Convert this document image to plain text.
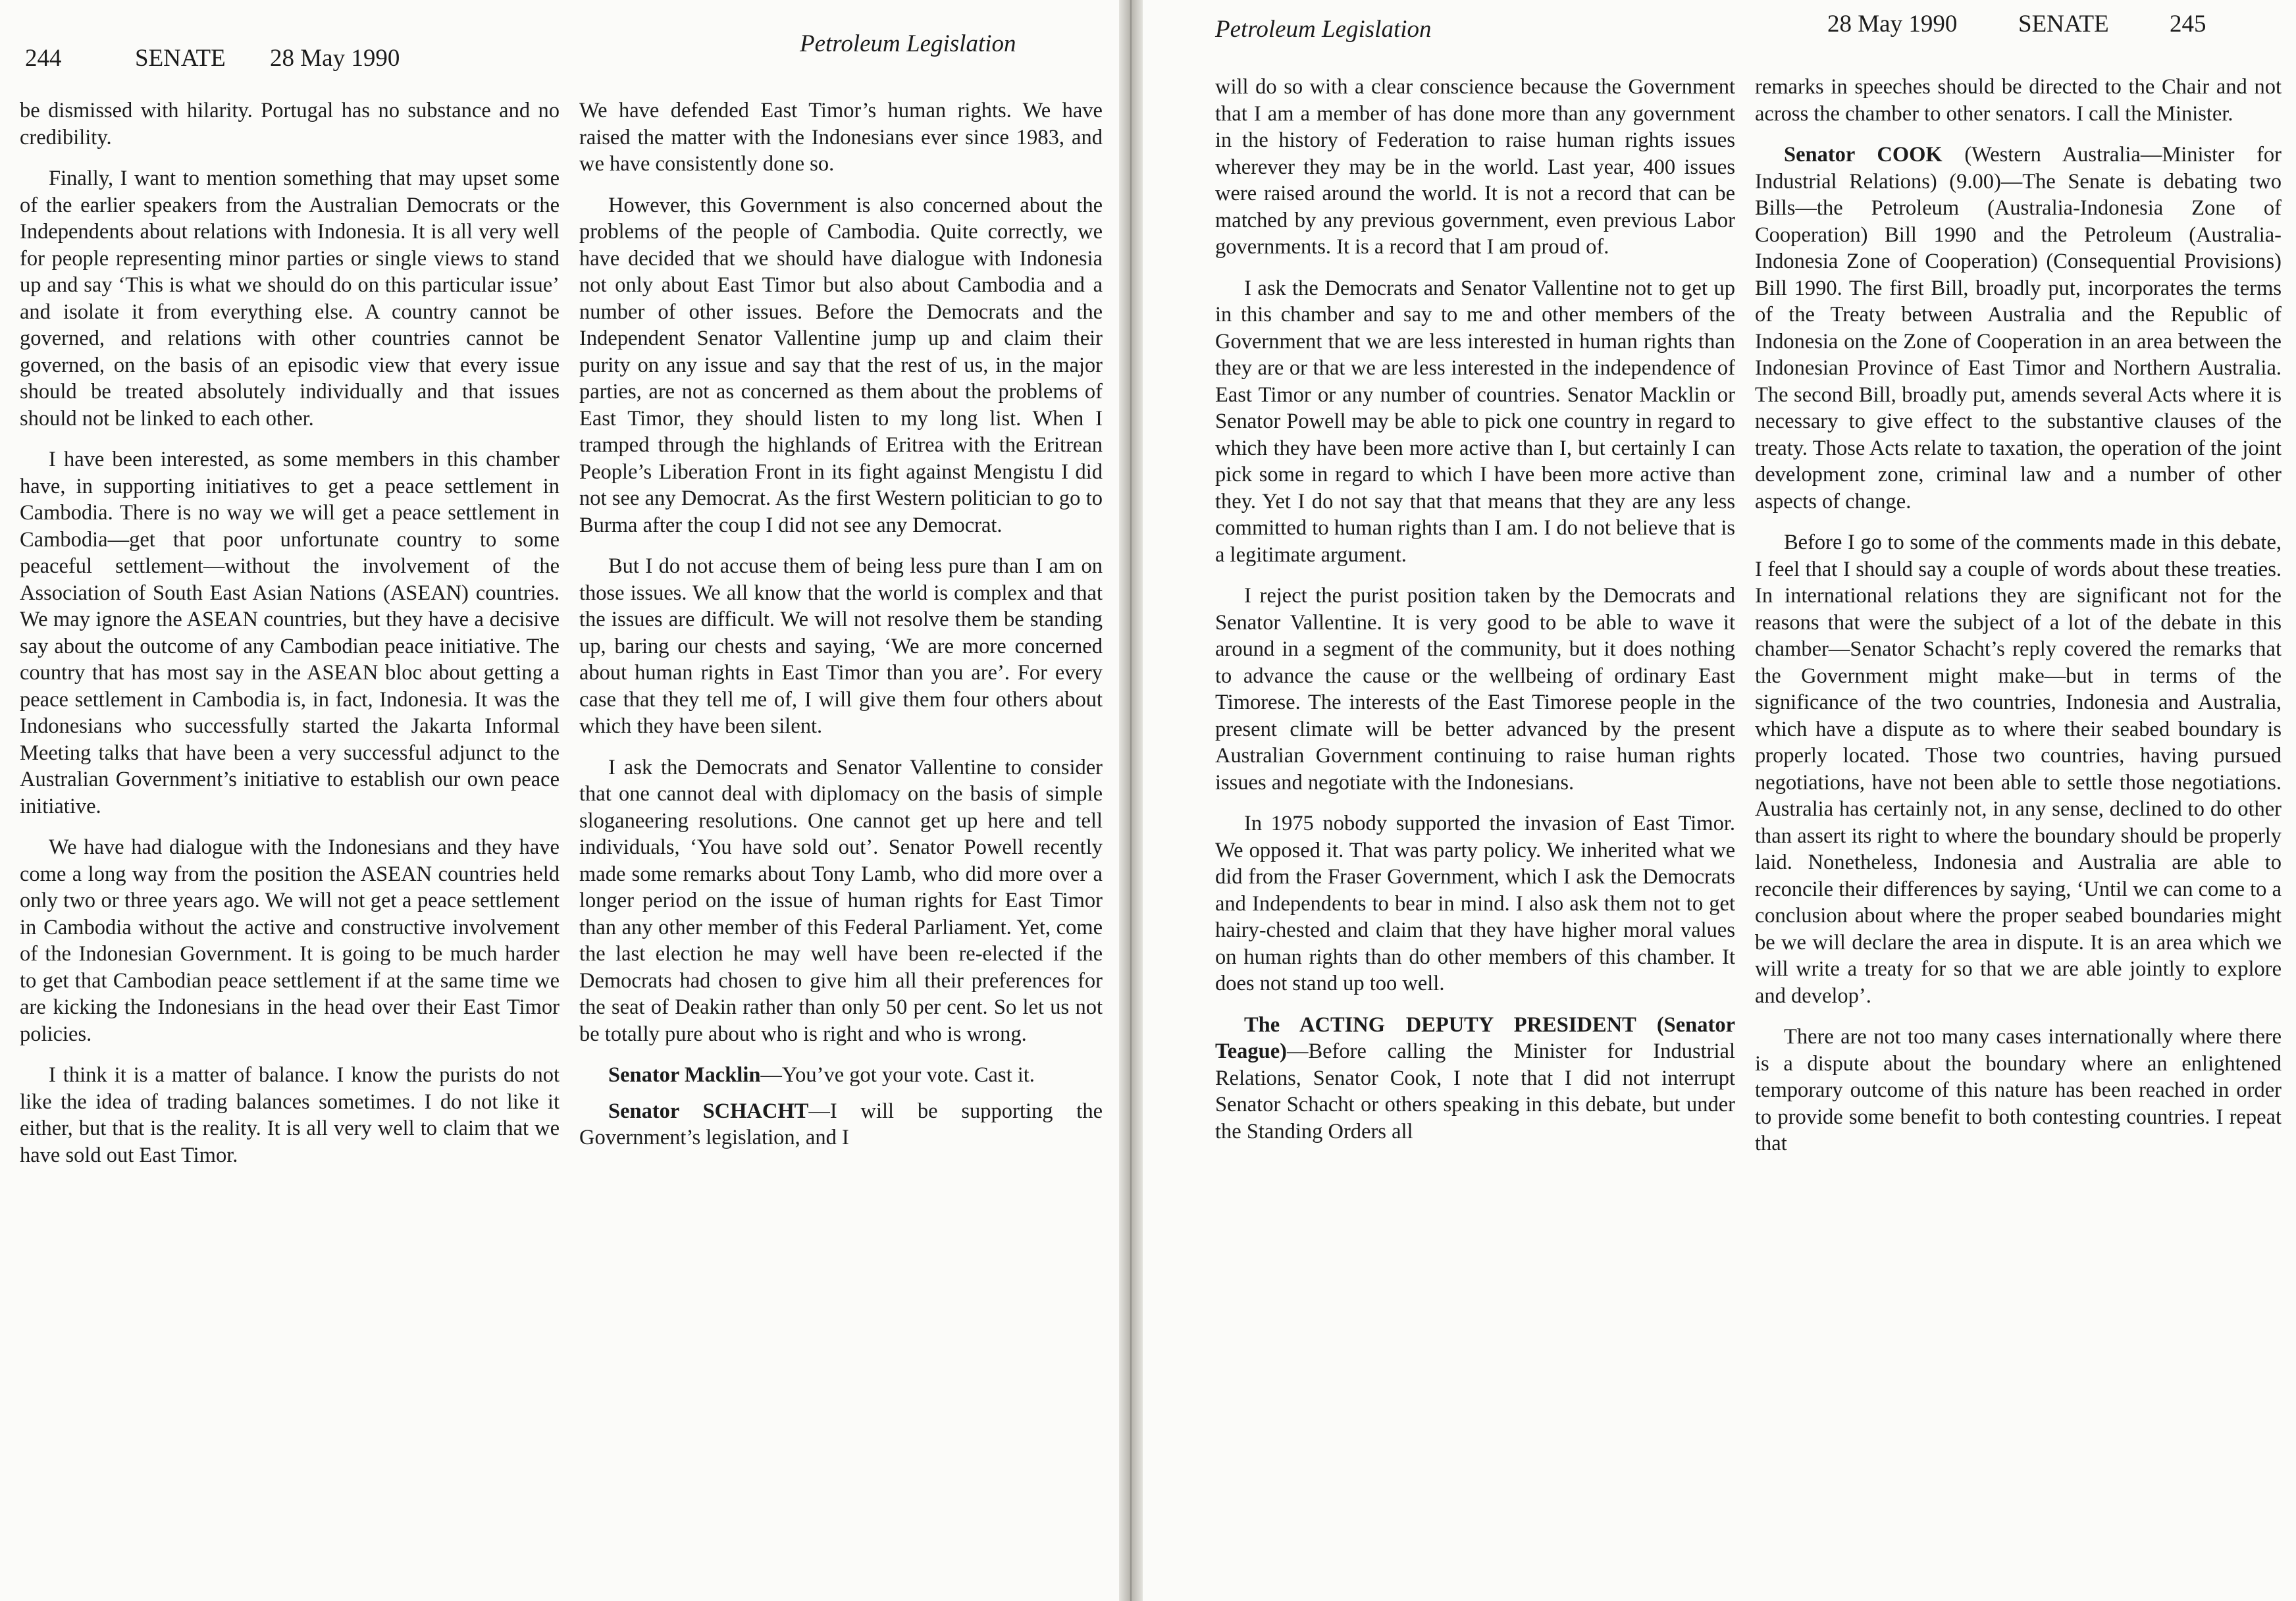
244	SENATE 28 May 1990
Petroleum Legislation

be dismissed with hilarity. Portugal has no substance and no credibility.

Finally, I want to mention something that may upset some of the earlier speakers from the Australian Democrats or the Independents about relations with Indonesia. It is all very well for people representing minor parties or single views to stand up and say ‘This is what we should do on this particular issue’ and isolate it from everything else. A country cannot be governed, and relations with other countries cannot be governed, on the basis of an episodic view that every issue should be treated absolutely individually and that issues should not be linked to each other.

I have been interested, as some members in this chamber have, in supporting initiatives to get a peace settlement in Cambodia. There is no way we will get a peace settlement in Cambodia—get that poor unfortunate country to some peaceful settlement—without the involvement of the Association of South East Asian Nations (ASEAN) countries. We may ignore the ASEAN countries, but they have a decisive say about the outcome of any Cambodian peace initiative. The country that has most say in the ASEAN bloc about getting a peace settlement in Cambodia is, in fact, Indonesia. It was the Indonesians who successfully started the Jakarta Informal Meeting talks that have been a very successful adjunct to the Australian Government’s initiative to establish our own peace initiative.

We have had dialogue with the Indonesians and they have come a long way from the position the ASEAN countries held only two or three years ago. We will not get a peace settlement in Cambodia without the active and constructive involvement of the Indonesian Government. It is going to be much harder to get that Cambodian peace settlement if at the same time we are kicking the Indonesians in the head over their East Timor policies.

I think it is a matter of balance. I know the purists do not like the idea of trading balances sometimes. I do not like it either, but that is the reality. It is all very well to claim that we have sold out East Timor.

We have defended East Timor’s human rights. We have raised the matter with the Indonesians ever since 1983, and we have consistently done so.

However, this Government is also concerned about the problems of the people of Cambodia. Quite correctly, we have decided that we should have dialogue with Indonesia not only about East Timor but also about Cambodia and a number of other issues. Before the Democrats and the Independent Senator Vallentine jump up and claim their purity on any issue and say that the rest of us, in the major parties, are not as concerned as them about the problems of East Timor, they should listen to my long list. When I tramped through the highlands of Eritrea with the Eritrean People’s Liberation Front in its fight against Mengistu I did not see any Democrat. As the first Western politician to go to Burma after the coup I did not see any Democrat.

But I do not accuse them of being less pure than I am on those issues. We all know that the world is complex and that the issues are difficult. We will not resolve them be standing up, baring our chests and saying, ‘We are more concerned about human rights in East Timor than you are’. For every case that they tell me of, I will give them four others about which they have been silent.

I ask the Democrats and Senator Vallentine to consider that one cannot deal with diplomacy on the basis of simple sloganeering resolutions. One cannot get up here and tell individuals, ‘You have sold out’. Senator Powell recently made some remarks about Tony Lamb, who did more over a longer period on the issue of human rights for East Timor than any other member of this Federal Parliament. Yet, come the last election he may well have been re-elected if the Democrats had chosen to give him all their preferences for the seat of Deakin rather than only 50 per cent. So let us not be totally pure about who is right and who is wrong.

Senator Macklin—You’ve got your vote. Cast it.

Senator SCHACHT—I will be supporting the Government’s legislation, and I

Petroleum Legislation	28 May 1990	SENATE 245

will do so with a clear conscience because the Government that I am a member of has done more than any government in the history of Federation to raise human rights issues wherever they may be in the world. Last year, 400 issues were raised around the world. It is not a record that can be matched by any previous government, even previous Labor governments. It is a record that I am proud of.

I ask the Democrats and Senator Vallentine not to get up in this chamber and say to me and other members of the Government that we are less interested in human rights than they are or that we are less interested in the independence of East Timor or any number of countries. Senator Macklin or Senator Powell may be able to pick one country in regard to which they have been more active than I, but certainly I can pick some in regard to which I have been more active than they. Yet I do not say that that means that they are any less committed to human rights than I am. I do not believe that is a legitimate argument.

I reject the purist position taken by the Democrats and Senator Vallentine. It is very good to be able to wave it around in a segment of the community, but it does nothing to advance the cause or the wellbeing of ordinary East Timorese. The interests of the East Timorese people in the present climate will be better advanced by the present Australian Government continuing to raise human rights issues and negotiate with the Indonesians.

In 1975 nobody supported the invasion of East Timor. We opposed it. That was party policy. We inherited what we did from the Fraser Government, which I ask the Democrats and Independents to bear in mind. I also ask them not to get hairy-chested and claim that they have higher moral values on human rights than do other members of this chamber. It does not stand up too well.

The ACTING DEPUTY PRESIDENT (Senator Teague)—Before calling the Minister for Industrial Relations, Senator Cook, I note that I did not interrupt Senator Schacht or others speaking in this debate, but under the Standing Orders all

remarks in speeches should be directed to the Chair and not across the chamber to other senators. I call the Minister.

Senator COOK (Western Australia—Minister for Industrial Relations) (9.00)—The Senate is debating two Bills—the Petroleum (Australia-Indonesia Zone of Cooperation) Bill 1990 and the Petroleum (Australia-Indonesia Zone of Cooperation) (Consequential Provisions) Bill 1990. The first Bill, broadly put, incorporates the terms of the Treaty between Australia and the Republic of Indonesia on the Zone of Cooperation in an area between the Indonesian Province of East Timor and Northern Australia. The second Bill, broadly put, amends several Acts where it is necessary to give effect to the substantive clauses of the treaty. Those Acts relate to taxation, the operation of the joint development zone, criminal law and a number of other aspects of change.

Before I go to some of the comments made in this debate, I feel that I should say a couple of words about these treaties. In international relations they are significant not for the reasons that were the subject of a lot of the debate in this chamber—Senator Schacht’s reply covered the remarks that the Government might make—but in terms of the significance of the two countries, Indonesia and Australia, which have a dispute as to where their seabed boundary is properly located. Those two countries, having pursued negotiations, have not been able to settle those negotiations. Australia has certainly not, in any sense, declined to do other than assert its right to where the boundary should be properly laid. Nonetheless, Indonesia and Australia are able to reconcile their differences by saying, ‘Until we can come to a conclusion about where the proper seabed boundaries might be we will declare the area in dispute. It is an area which we will write a treaty for so that we are able jointly to explore and develop’.

There are not too many cases internationally where there is a dispute about the boundary where an enlightened temporary outcome of this nature has been reached in order to provide some benefit to both contesting countries. I repeat that
